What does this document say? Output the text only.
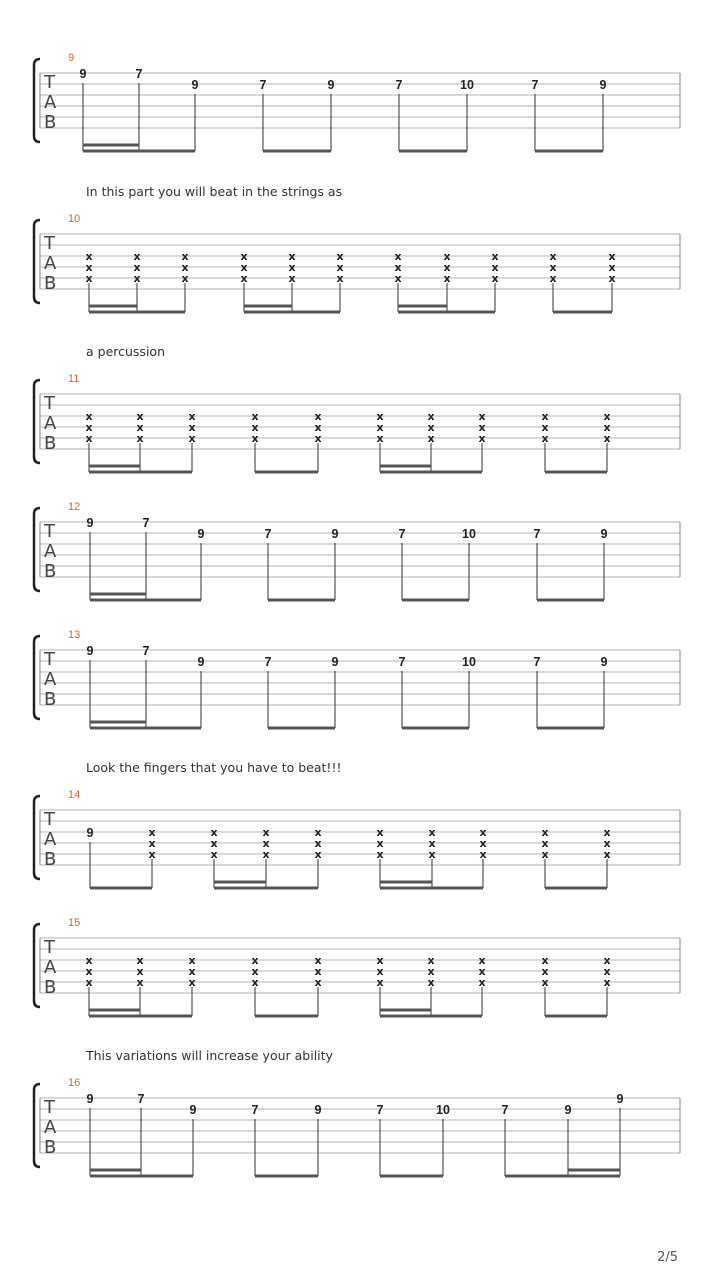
9
T
A
B
9	7
9	7	9	7	10	7	9
10
T
A
B
x
x
x
x
x
x
x
x
x
x
x
x
x
x
x
x
x
x
x
x
x
x
x
x
x
x
x
x
x
x
x
x
x
11
T
A
B
x
x
x
x
x
x
x
x
x
x
x
x
x
x
x
x
x
x
x
x
x
x
x
x
x
x
x
x
x
x
12
T
A
B
9	7
9	7	9	7	10	7	9
13
T
A
B
9	7
9	7	9	7	10	7	9
14
T
A
B
9	x
x
x
x
x
x
x
x
x
x
x
x
x
x
x
x
x
x
x
x
x
x
x
x
x
x
x
15
T
A
B
x
x
x
x
x
x
x
x
x
x
x
x
x
x
x
x
x
x
x
x
x
x
x
x
x
x
x
x
x
x
16
T
A
B
9	7
9	7	9	7	10	7	9
9
In this part you will beat in the strings as
a percussion
Look the fingers that you have to beat!!!
This variations will increase your ability
2/5
